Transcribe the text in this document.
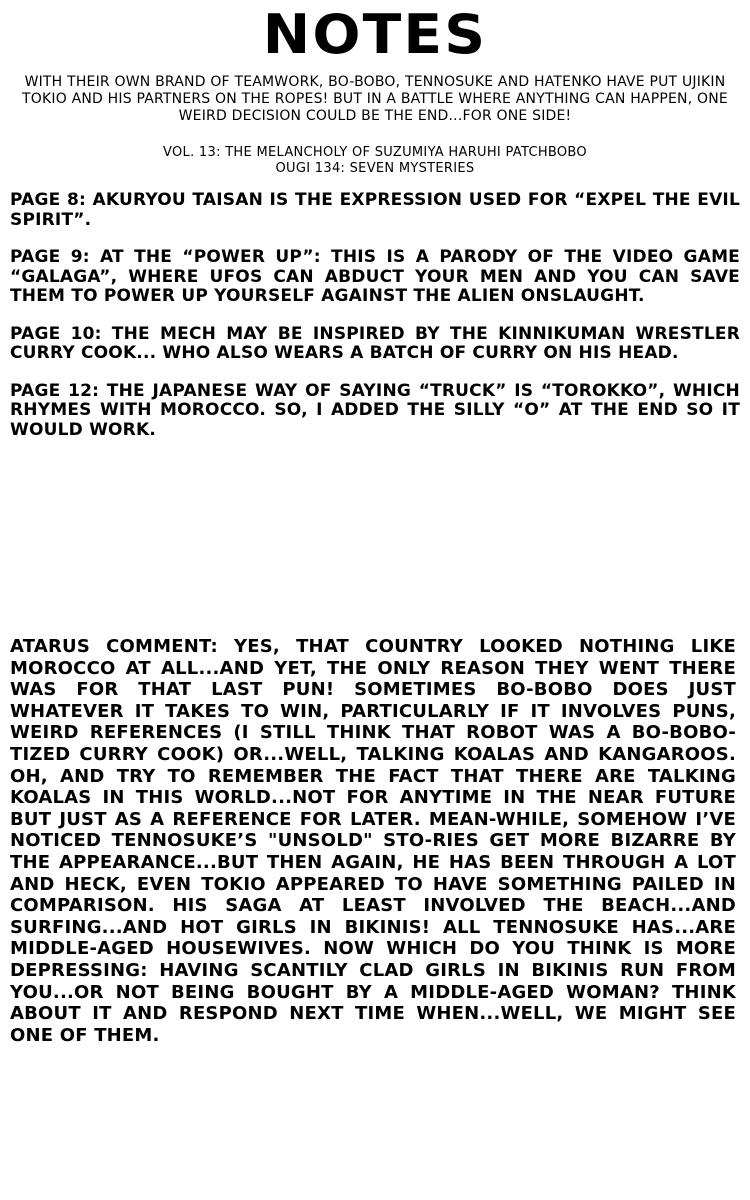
NOTES

WITH THEIR OWN BRAND OF TEAMWORK, BO-BOBO, TENNOSUKE AND HATENKO HAVE PUT UJIKIN TOKIO AND HIS PARTNERS ON THE ROPES! BUT IN A BATTLE WHERE ANYTHING CAN HAPPEN, ONE WEIRD DECISION COULD BE THE END...FOR ONE SIDE!

VOL. 13: THE MELANCHOLY OF SUZUMIYA HARUHI PATCHBOBO
OUGI 134: SEVEN MYSTERIES

PAGE 8: AKURYOU TAISAN IS THE EXPRESSION USED FOR “EXPEL THE EVIL SPIRIT”.

PAGE 9: AT THE “POWER UP”: THIS IS A PARODY OF THE VIDEO GAME “GALAGA”, WHERE UFOS CAN ABDUCT YOUR MEN AND YOU CAN SAVE THEM TO POWER UP YOURSELF AGAINST THE ALIEN ONSLAUGHT.

PAGE 10: THE MECH MAY BE INSPIRED BY THE KINNIKUMAN WRESTLER CURRY COOK... WHO ALSO WEARS A BATCH OF CURRY ON HIS HEAD.

PAGE 12: THE JAPANESE WAY OF SAYING “TRUCK” IS “TOROKKO”, WHICH RHYMES WITH MOROCCO. SO, I ADDED THE SILLY “O” AT THE END SO IT WOULD WORK.

ATARUS COMMENT: YES, THAT COUNTRY LOOKED NOTHING LIKE MOROCCO AT ALL...AND YET, THE ONLY REASON THEY WENT THERE WAS FOR THAT LAST PUN! SOMETIMES BO-BOBO DOES JUST WHATEVER IT TAKES TO WIN, PARTICULARLY IF IT INVOLVES PUNS, WEIRD REFERENCES (I STILL THINK THAT ROBOT WAS A BO-BOBO-TIZED CURRY COOK) OR...WELL, TALKING KOALAS AND KANGAROOS. OH, AND TRY TO REMEMBER THE FACT THAT THERE ARE TALKING KOALAS IN THIS WORLD...NOT FOR ANYTIME IN THE NEAR FUTURE BUT JUST AS A REFERENCE FOR LATER. MEAN-WHILE, SOMEHOW I’VE NOTICED TENNOSUKE’S "UNSOLD" STO-RIES GET MORE BIZARRE BY THE APPEARANCE...BUT THEN AGAIN, HE HAS BEEN THROUGH A LOT AND HECK, EVEN TOKIO APPEARED TO HAVE SOMETHING PAILED IN COMPARISON. HIS SAGA AT LEAST INVOLVED THE BEACH...AND SURFING...AND HOT GIRLS IN BIKINIS! ALL TENNOSUKE HAS...ARE MIDDLE-AGED HOUSEWIVES. NOW WHICH DO YOU THINK IS MORE DEPRESSING: HAVING SCANTILY CLAD GIRLS IN BIKINIS RUN FROM YOU...OR NOT BEING BOUGHT BY A MIDDLE-AGED WOMAN? THINK ABOUT IT AND RESPOND NEXT TIME WHEN...WELL, WE MIGHT SEE ONE OF THEM.
